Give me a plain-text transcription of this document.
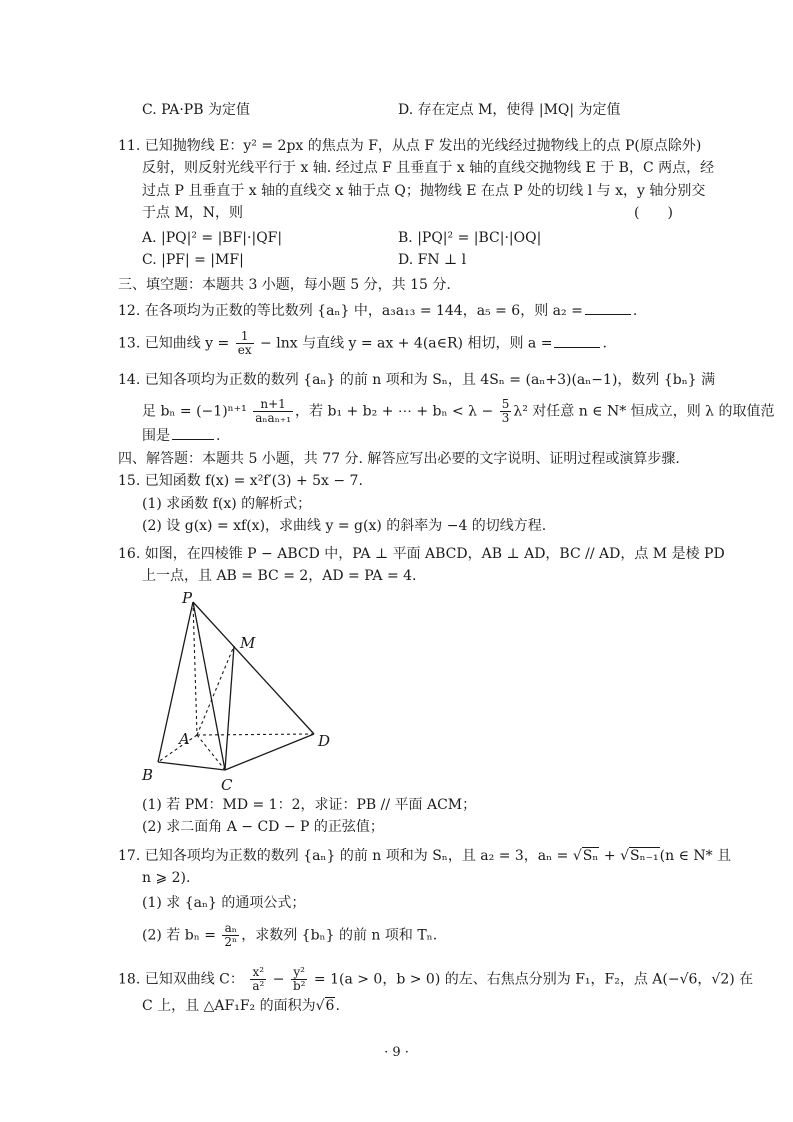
C. PA·PB 为定值	D. 存在定点 M，使得 |MQ| 为定值
11. 已知抛物线 E：y² = 2px 的焦点为 F，从点 F 发出的光线经过抛物线上的点 P(原点除外)
反射，则反射光线平行于 x 轴. 经过点 F 且垂直于 x 轴的直线交抛物线 E 于 B，C 两点，经
过点 P 且垂直于 x 轴的直线交 x 轴于点 Q；抛物线 E 在点 P 处的切线 l 与 x，y 轴分别交
于点 M，N，则	(　　)
A. |PQ|² = |BF|·|QF|	B. |PQ|² = |BC|·|OQ|
C. |PF| = |MF|	D. FN ⊥ l
三、填空题：本题共 3 小题，每小题 5 分，共 15 分.
12. 在各项均为正数的等比数列 {aₙ} 中，a₃a₁₃ = 144，a₅ = 6，则 a₂ =	.
13. 已知曲线 $y = \frac{1}{ex} - \ln x$ 与直线 y = ax + 4(a∈R) 相切，则 a =	.
14. 已知各项均为正数的数列 {aₙ} 的前 n 项和为 Sₙ，且 4Sₙ = (aₙ+3)(aₙ−1)，数列 {bₙ} 满
足 $b_n = (-1)^{n+1} \frac{n+1}{\text{aₙaₙ₊₁}}$ ，若 b₁ + b₂ + ⋯ + $b_n < \lambda - \frac{5}{3} \lambda^2$ 对任意 n ∈ N* 恒成立，则 λ 的取值范
围是	.
四、解答题：本题共 5 小题，共 77 分. 解答应写出必要的文字说明、证明过程或演算步骤.
15. 已知函数 f(x) = x²f′(3) + 5x − 7.
(1) 求函数 f(x) 的解析式；
(2) 设 g(x) = xf(x)，求曲线 y = g(x) 的斜率为 −4 的切线方程.
16. 如图，在四棱锥 P − ABCD 中，PA ⊥ 平面 ABCD，AB ⊥ AD，BC // AD，点 M 是棱 PD
上一点，且 AB = BC = 2，AD = PA = 4.
P
M
A	D
B
C
(1) 若 PM：MD = 1：2，求证：PB // 平面 ACM；
(2) 求二面角 A − CD − P 的正弦值；
17. 已知各项均为正数的数列 {aₙ} 的前 n 项和为 Sₙ，且 a₂ = 3，aₙ = √Sₙ + √Sₙ₋₁(n ∈ N* 且
n ⩾ 2).
(1) 求 {aₙ} 的通项公式；
(2) 若 $b_n = \frac{\text{aₙ}}{\text{2ⁿ}}$ ，求数列 {bₙ} 的前 n 项和 Tₙ.
18. 已知双曲线 C： $\frac{\text{x²}}{\text{a²}} - \frac{\text{y²}}{\text{b²}} = 1(a > 0$，b > 0) 的左、右焦点分别为 F₁，F₂，点 A(−√6，√2) 在
C 上，且 △AF₁F₂ 的面积为√6.
· 9 ·
